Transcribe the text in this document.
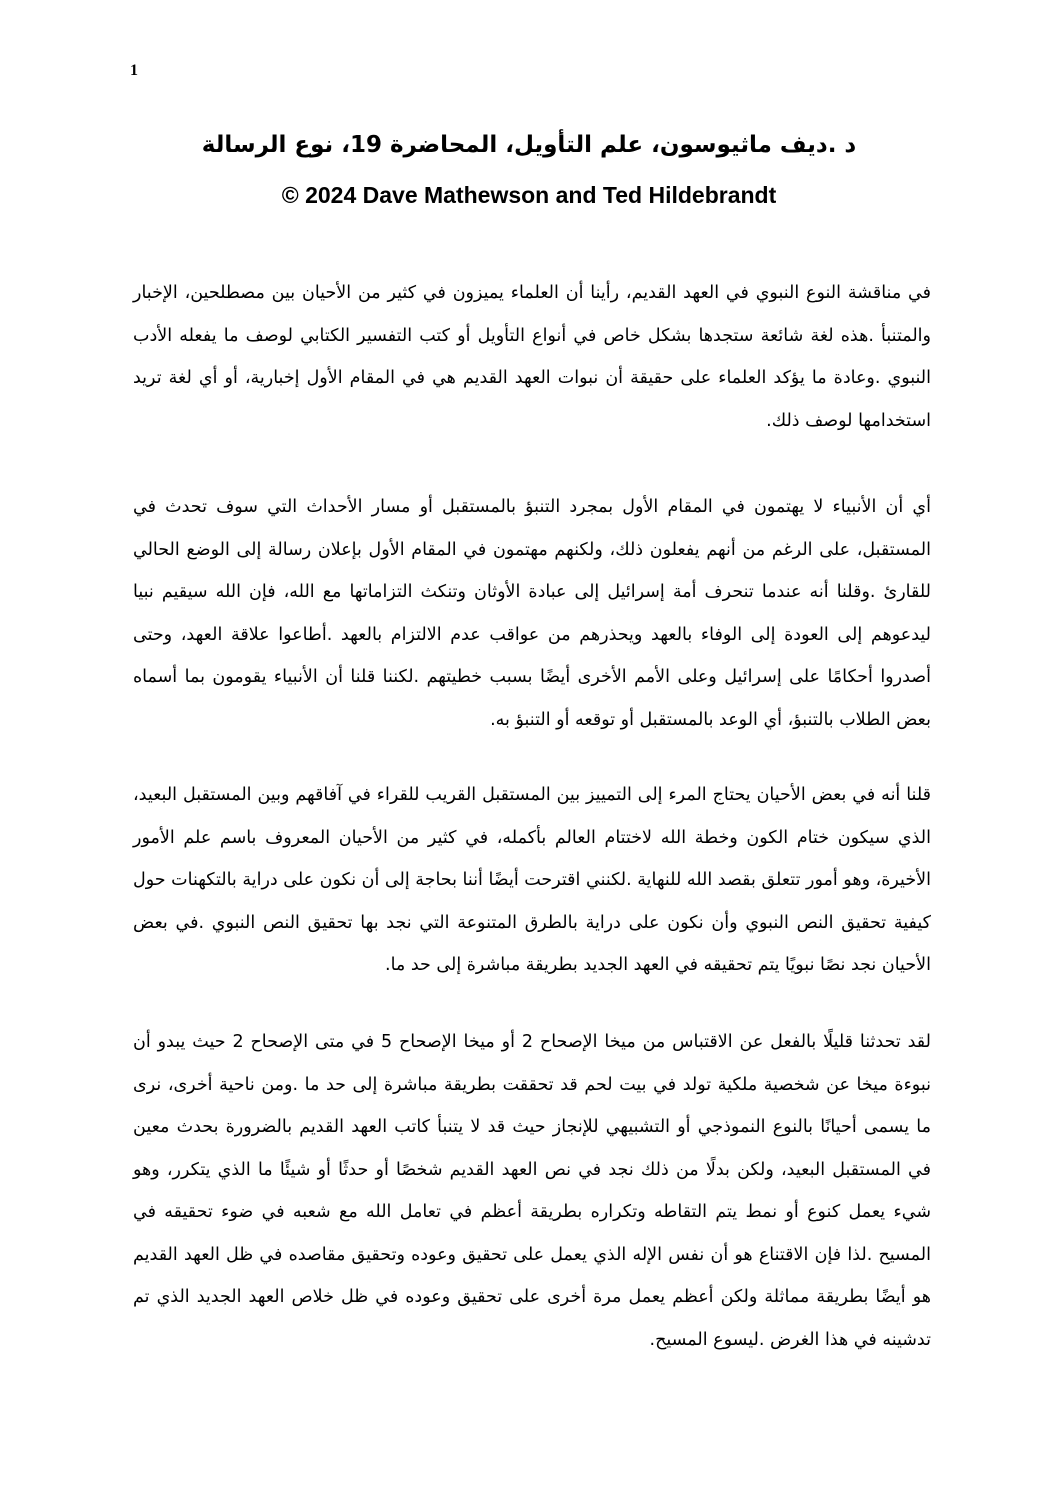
1
د .ديف ماثيوسون، علم التأويل، المحاضرة 19، نوع الرسالة
© 2024 Dave Mathewson and Ted Hildebrandt
في مناقشة النوع النبوي في العهد القديم، رأينا أن العلماء يميزون في كثير من الأحيان بين مصطلحين، الإخبار والمتنبأ .هذه لغة شائعة ستجدها بشكل خاص في أنواع التأويل أو كتب التفسير الكتابي لوصف ما يفعله الأدب النبوي .وعادة ما يؤكد العلماء على حقيقة أن نبوات العهد القديم هي في المقام الأول إخبارية، أو أي لغة تريد استخدامها لوصف ذلك.
أي أن الأنبياء لا يهتمون في المقام الأول بمجرد التنبؤ بالمستقبل أو مسار الأحداث التي سوف تحدث في المستقبل، على الرغم من أنهم يفعلون ذلك، ولكنهم مهتمون في المقام الأول بإعلان رسالة إلى الوضع الحالي للقارئ .وقلنا أنه عندما تنحرف أمة إسرائيل إلى عبادة الأوثان وتنكث التزاماتها مع الله، فإن الله سيقيم نبيا ليدعوهم إلى العودة إلى الوفاء بالعهد ويحذرهم من عواقب عدم الالتزام بالعهد .أطاعوا علاقة العهد، وحتى أصدروا أحكامًا على إسرائيل وعلى الأمم الأخرى أيضًا بسبب خطيتهم .لكننا قلنا أن الأنبياء يقومون بما أسماه بعض الطلاب بالتنبؤ، أي الوعد بالمستقبل أو توقعه أو التنبؤ به.
قلنا أنه في بعض الأحيان يحتاج المرء إلى التمييز بين المستقبل القريب للقراء في آفاقهم وبين المستقبل البعيد، الذي سيكون ختام الكون وخطة الله لاختتام العالم بأكمله، في كثير من الأحيان المعروف باسم علم الأمور الأخيرة، وهو أمور تتعلق بقصد الله للنهاية .لكنني اقترحت أيضًا أننا بحاجة إلى أن نكون على دراية بالتكهنات حول كيفية تحقيق النص النبوي وأن نكون على دراية بالطرق المتنوعة التي نجد بها تحقيق النص النبوي .في بعض الأحيان نجد نصًا نبويًا يتم تحقيقه في العهد الجديد بطريقة مباشرة إلى حد ما.
لقد تحدثنا قليلًا بالفعل عن الاقتباس من ميخا الإصحاح 2 أو ميخا الإصحاح 5 في متى الإصحاح 2 حيث يبدو أن نبوءة ميخا عن شخصية ملكية تولد في بيت لحم قد تحققت بطريقة مباشرة إلى حد ما .ومن ناحية أخرى، نرى ما يسمى أحيانًا بالنوع النموذجي أو التشبيهي للإنجاز حيث قد لا يتنبأ كاتب العهد القديم بالضرورة بحدث معين في المستقبل البعيد، ولكن بدلًا من ذلك نجد في نص العهد القديم شخصًا أو حدثًا أو شيئًا ما الذي يتكرر، وهو شيء يعمل كنوع أو نمط يتم التقاطه وتكراره بطريقة أعظم في تعامل الله مع شعبه في ضوء تحقيقه في المسيح .لذا فإن الاقتناع هو أن نفس الإله الذي يعمل على تحقيق وعوده وتحقيق مقاصده في ظل العهد القديم هو أيضًا بطريقة مماثلة ولكن أعظم يعمل مرة أخرى على تحقيق وعوده في ظل خلاص العهد الجديد الذي تم تدشينه في هذا الغرض .ليسوع المسيح.
